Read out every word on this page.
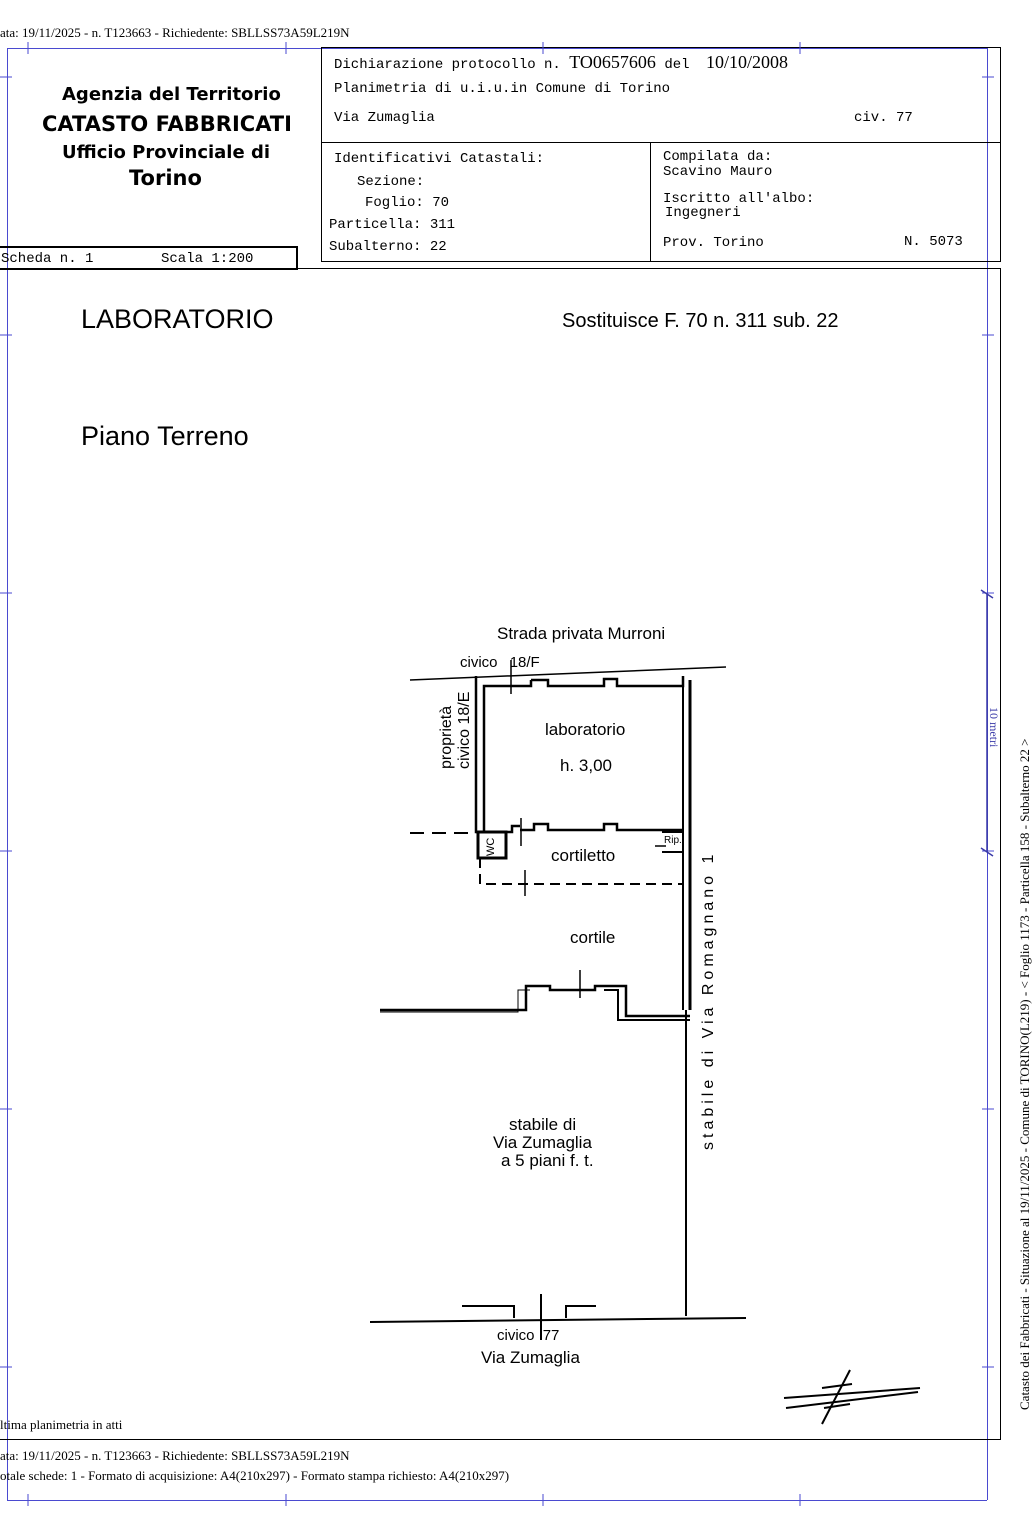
ata: 19/11/2025 - n. T123663 - Richiedente: SBLLSS73A59L219N
Agenzia del Territorio
CATASTO FABBRICATI
Ufficio Provinciale di
Torino
Scheda n. 1	Scala 1:200
Dichiarazione protocollo n. TO0657606 del 10/10/2008
Planimetria di u.i.u.in Comune di Torino
Via Zumaglia	civ. 77
Identificativi Catastali:
Sezione:
Foglio: 70
Particella: 311
Subalterno: 22
Compilata da:
Scavino Mauro
Iscritto all'albo:
Ingegneri
Prov. Torino	N. 5073
LABORATORIO	Sostituisce F. 70 n. 311 sub. 22
Piano Terreno
Strada privata Murroni
civico 18/F
proprietà civico 18/E	laboratorio
h. 3,00
WC	Rip.
cortiletto
cortile	stabile di Via Romagnano 1
stabile di
Via Zumaglia
a 5 piani f. t.
civico 77
Via Zumaglia
10 metri
ltima planimetria in atti
ata: 19/11/2025 - n. T123663 - Richiedente: SBLLSS73A59L219N
otale schede: 1 - Formato di acquisizione: A4(210x297) - Formato stampa richiesto: A4(210x297)
Catasto dei Fabbricati - Situazione al 19/11/2025 - Comune di TORINO(L219) - < Foglio 1173 - Particella 158 - Subalterno 22 >
